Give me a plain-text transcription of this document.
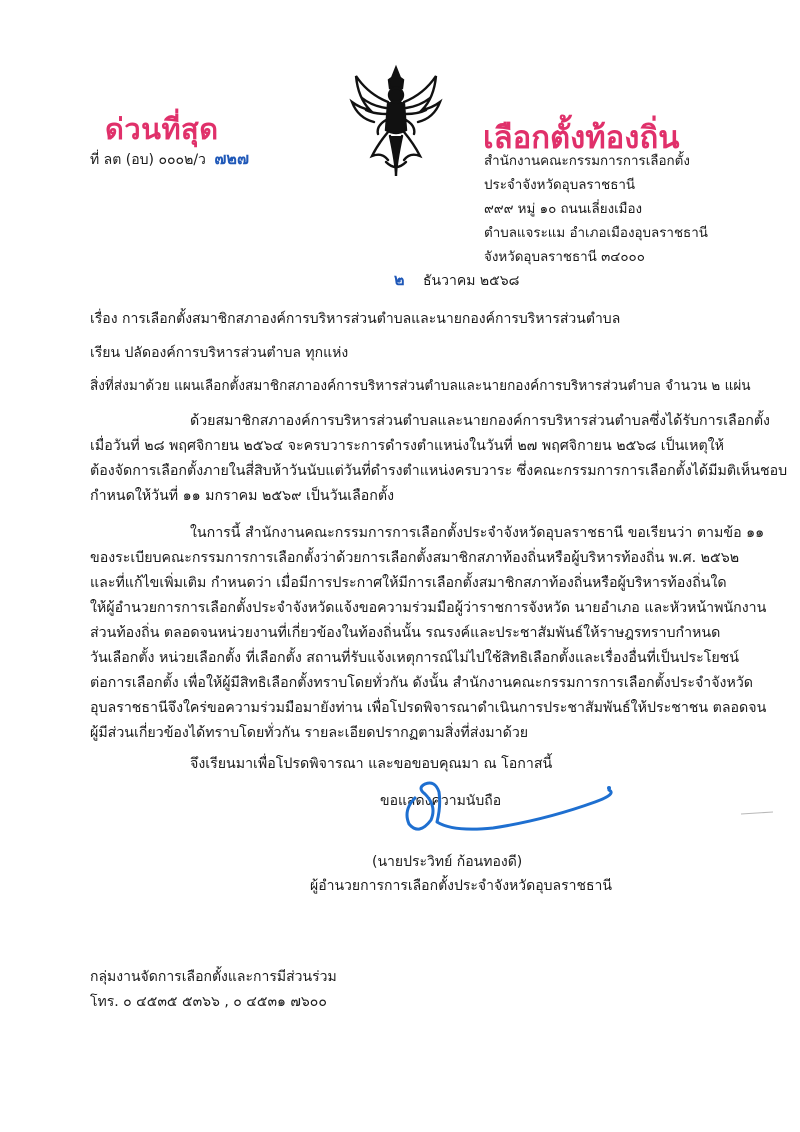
ด่วนที่สุด	เลือกตั้งท้องถิ่น
ที่ ลต (อบ) ๐๐๐๒/ว ๗๒๗	สำนักงานคณะกรรมการการเลือกตั้ง
ประจำจังหวัดอุบลราชธานี
๙๙๙ หมู่ ๑๐ ถนนเลี่ยงเมือง
ตำบลแจระแม อำเภอเมืองอุบลราชธานี
จังหวัดอุบลราชธานี ๓๔๐๐๐
๒ ธันวาคม ๒๕๖๘
เรื่อง การเลือกตั้งสมาชิกสภาองค์การบริหารส่วนตำบลและนายกองค์การบริหารส่วนตำบล
เรียน ปลัดองค์การบริหารส่วนตำบล ทุกแห่ง
สิ่งที่ส่งมาด้วย แผนเลือกตั้งสมาชิกสภาองค์การบริหารส่วนตำบลและนายกองค์การบริหารส่วนตำบล จำนวน ๒ แผ่น
ด้วยสมาชิกสภาองค์การบริหารส่วนตำบลและนายกองค์การบริหารส่วนตำบลซึ่งได้รับการเลือกตั้ง
เมื่อวันที่ ๒๘ พฤศจิกายน ๒๕๖๔ จะครบวาระการดำรงตำแหน่งในวันที่ ๒๗ พฤศจิกายน ๒๕๖๘ เป็นเหตุให้
ต้องจัดการเลือกตั้งภายในสี่สิบห้าวันนับแต่วันที่ดำรงตำแหน่งครบวาระ ซึ่งคณะกรรมการการเลือกตั้งได้มีมติเห็นชอบ
กำหนดให้วันที่ ๑๑ มกราคม ๒๕๖๙ เป็นวันเลือกตั้ง
ในการนี้ สำนักงานคณะกรรมการการเลือกตั้งประจำจังหวัดอุบลราชธานี ขอเรียนว่า ตามข้อ ๑๑
ของระเบียบคณะกรรมการการเลือกตั้งว่าด้วยการเลือกตั้งสมาชิกสภาท้องถิ่นหรือผู้บริหารท้องถิ่น พ.ศ. ๒๕๖๒
และที่แก้ไขเพิ่มเติม กำหนดว่า เมื่อมีการประกาศให้มีการเลือกตั้งสมาชิกสภาท้องถิ่นหรือผู้บริหารท้องถิ่นใด
ให้ผู้อำนวยการการเลือกตั้งประจำจังหวัดแจ้งขอความร่วมมือผู้ว่าราชการจังหวัด นายอำเภอ และหัวหน้าพนักงาน
ส่วนท้องถิ่น ตลอดจนหน่วยงานที่เกี่ยวข้องในท้องถิ่นนั้น รณรงค์และประชาสัมพันธ์ให้ราษฎรทราบกำหนด
วันเลือกตั้ง หน่วยเลือกตั้ง ที่เลือกตั้ง สถานที่รับแจ้งเหตุการณ์ไม่ไปใช้สิทธิเลือกตั้งและเรื่องอื่นที่เป็นประโยชน์
ต่อการเลือกตั้ง เพื่อให้ผู้มีสิทธิเลือกตั้งทราบโดยทั่วกัน ดังนั้น สำนักงานคณะกรรมการการเลือกตั้งประจำจังหวัด
อุบลราชธานีจึงใคร่ขอความร่วมมือมายังท่าน เพื่อโปรดพิจารณาดำเนินการประชาสัมพันธ์ให้ประชาชน ตลอดจน
ผู้มีส่วนเกี่ยวข้องได้ทราบโดยทั่วกัน รายละเอียดปรากฏตามสิ่งที่ส่งมาด้วย
จึงเรียนมาเพื่อโปรดพิจารณา และขอขอบคุณมา ณ โอกาสนี้
ขอแสดงความนับถือ
(นายประวิทย์ ก้อนทองดี)
ผู้อำนวยการการเลือกตั้งประจำจังหวัดอุบลราชธานี
กลุ่มงานจัดการเลือกตั้งและการมีส่วนร่วม
โทร. ๐ ๔๕๓๕ ๕๓๖๖ , ๐ ๔๕๓๑ ๗๖๐๐
